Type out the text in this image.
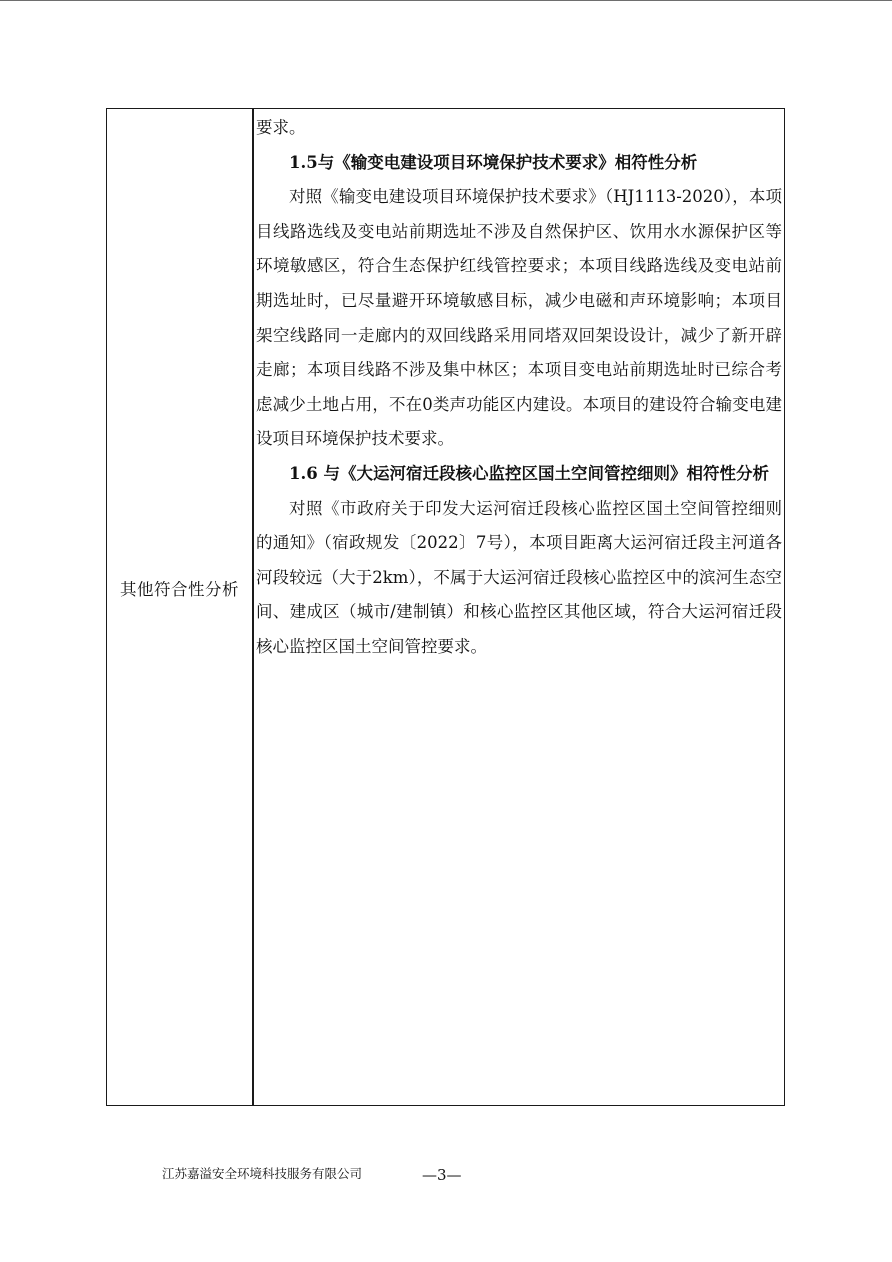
其他符合性分析

要求。

1.5与《输变电建设项目环境保护技术要求》相符性分析

对照《输变电建设项目环境保护技术要求》（HJ1113-2020），本项目线路选线及变电站前期选址不涉及自然保护区、饮用水水源保护区等环境敏感区，符合生态保护红线管控要求；本项目线路选线及变电站前期选址时，已尽量避开环境敏感目标，减少电磁和声环境影响；本项目架空线路同一走廊内的双回线路采用同塔双回架设设计，减少了新开辟走廊；本项目线路不涉及集中林区；本项目变电站前期选址时已综合考虑减少土地占用，不在0类声功能区内建设。本项目的建设符合输变电建设项目环境保护技术要求。

1.6 与《大运河宿迁段核心监控区国土空间管控细则》相符性分析

对照《市政府关于印发大运河宿迁段核心监控区国土空间管控细则的通知》（宿政规发〔2022〕7号），本项目距离大运河宿迁段主河道各河段较远（大于2km），不属于大运河宿迁段核心监控区中的滨河生态空间、建成区（城市/建制镇）和核心监控区其他区域，符合大运河宿迁段核心监控区国土空间管控要求。

江苏嘉溢安全环境科技服务有限公司	—3—
